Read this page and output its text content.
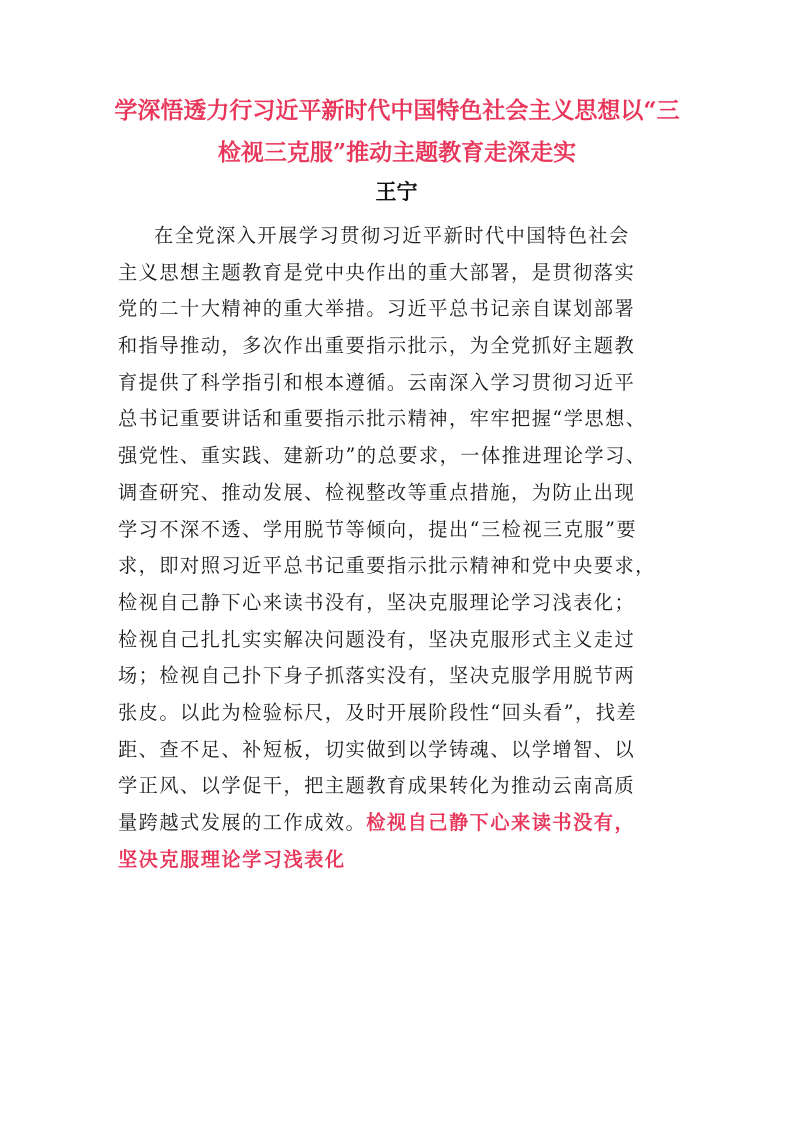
学深悟透力行习近平新时代中国特色社会主义思想以“三
检视三克服”推动主题教育走深走实
王宁
在全党深入开展学习贯彻习近平新时代中国特色社会
主义思想主题教育是党中央作出的重大部署，是贯彻落实
党的二十大精神的重大举措。习近平总书记亲自谋划部署
和指导推动，多次作出重要指示批示，为全党抓好主题教
育提供了科学指引和根本遵循。云南深入学习贯彻习近平
总书记重要讲话和重要指示批示精神，牢牢把握“学思想、
强党性、重实践、建新功”的总要求，一体推进理论学习、
调查研究、推动发展、检视整改等重点措施，为防止出现
学习不深不透、学用脱节等倾向，提出“三检视三克服”要
求，即对照习近平总书记重要指示批示精神和党中央要求，
检视自己静下心来读书没有，坚决克服理论学习浅表化；
检视自己扎扎实实解决问题没有，坚决克服形式主义走过
场；检视自己扑下身子抓落实没有，坚决克服学用脱节两
张皮。以此为检验标尺，及时开展阶段性“回头看”，找差
距、查不足、补短板，切实做到以学铸魂、以学增智、以
学正风、以学促干，把主题教育成果转化为推动云南高质
量跨越式发展的工作成效。检视自己静下心来读书没有，
坚决克服理论学习浅表化
